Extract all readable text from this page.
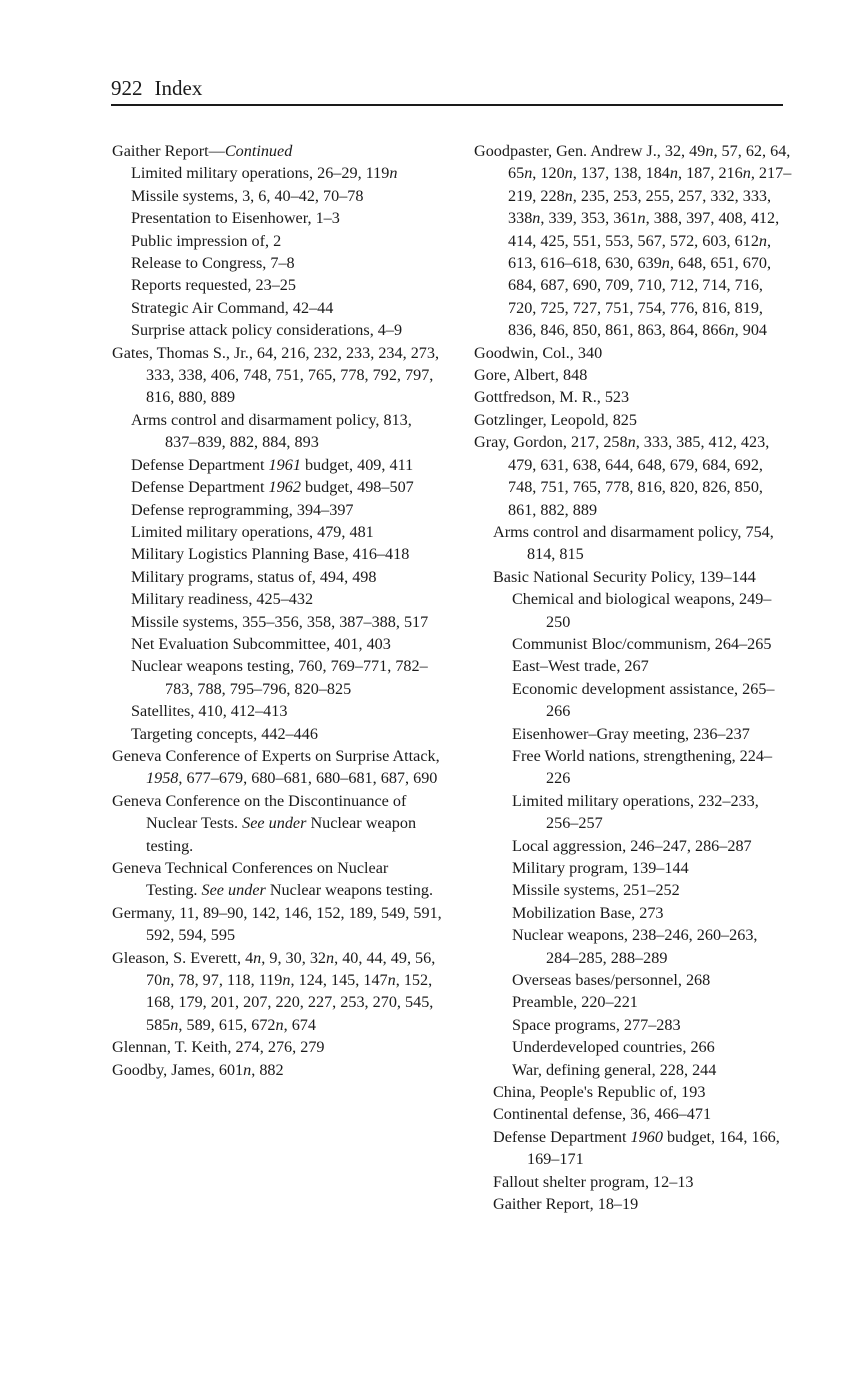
922 Index

Gaither Report—Continued

Limited military operations, 26–29, 119n

Missile systems, 3, 6, 40–42, 70–78

Presentation to Eisenhower, 1–3

Public impression of, 2

Release to Congress, 7–8

Reports requested, 23–25

Strategic Air Command, 42–44

Surprise attack policy considerations, 4–9

Gates, Thomas S., Jr., 64, 216, 232, 233, 234, 273, 333, 338, 406, 748, 751, 765, 778, 792, 797, 816, 880, 889

Arms control and disarmament policy, 813, 837–839, 882, 884, 893

Defense Department 1961 budget, 409, 411

Defense Department 1962 budget, 498–507

Defense reprogramming, 394–397

Limited military operations, 479, 481

Military Logistics Planning Base, 416–418

Military programs, status of, 494, 498

Military readiness, 425–432

Missile systems, 355–356, 358, 387–388, 517

Net Evaluation Subcommittee, 401, 403

Nuclear weapons testing, 760, 769–771, 782–783, 788, 795–796, 820–825

Satellites, 410, 412–413

Targeting concepts, 442–446

Geneva Conference of Experts on Surprise Attack, 1958, 677–679, 680–681, 680–681, 687, 690

Geneva Conference on the Discontinuance of Nuclear Tests. See under Nuclear weapon testing.

Geneva Technical Conferences on Nuclear Testing. See under Nuclear weapons testing.

Germany, 11, 89–90, 142, 146, 152, 189, 549, 591, 592, 594, 595

Gleason, S. Everett, 4n, 9, 30, 32n, 40, 44, 49, 56, 70n, 78, 97, 118, 119n, 124, 145, 147n, 152, 168, 179, 201, 207, 220, 227, 253, 270, 545, 585n, 589, 615, 672n, 674

Glennan, T. Keith, 274, 276, 279

Goodby, James, 601n, 882

Goodpaster, Gen. Andrew J., 32, 49n, 57, 62, 64, 65n, 120n, 137, 138, 184n, 187, 216n, 217–219, 228n, 235, 253, 255, 257, 332, 333, 338n, 339, 353, 361n, 388, 397, 408, 412, 414, 425, 551, 553, 567, 572, 603, 612n, 613, 616–618, 630, 639n, 648, 651, 670, 684, 687, 690, 709, 710, 712, 714, 716, 720, 725, 727, 751, 754, 776, 816, 819, 836, 846, 850, 861, 863, 864, 866n, 904

Goodwin, Col., 340

Gore, Albert, 848

Gottfredson, M. R., 523

Gotzlinger, Leopold, 825

Gray, Gordon, 217, 258n, 333, 385, 412, 423, 479, 631, 638, 644, 648, 679, 684, 692, 748, 751, 765, 778, 816, 820, 826, 850, 861, 882, 889

Arms control and disarmament policy, 754, 814, 815

Basic National Security Policy, 139–144

Chemical and biological weapons, 249–250

Communist Bloc/communism, 264–265

East–West trade, 267

Economic development assistance, 265–266

Eisenhower–Gray meeting, 236–237

Free World nations, strengthening, 224–226

Limited military operations, 232–233, 256–257

Local aggression, 246–247, 286–287

Military program, 139–144

Missile systems, 251–252

Mobilization Base, 273

Nuclear weapons, 238–246, 260–263, 284–285, 288–289

Overseas bases/personnel, 268

Preamble, 220–221

Space programs, 277–283

Underdeveloped countries, 266

War, defining general, 228, 244

China, People's Republic of, 193

Continental defense, 36, 466–471

Defense Department 1960 budget, 164, 166, 169–171

Fallout shelter program, 12–13

Gaither Report, 18–19
